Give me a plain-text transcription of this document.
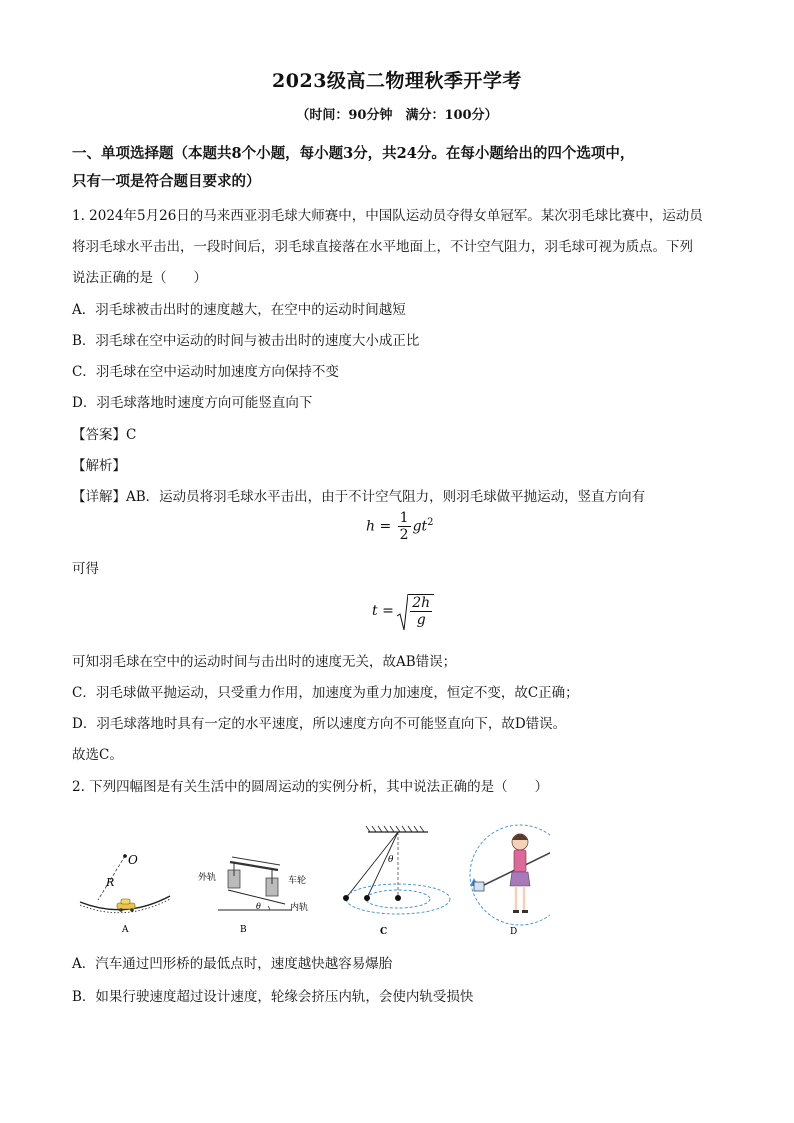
2023级高二物理秋季开学考
（时间：90分钟　满分：100分）
一、单项选择题（本题共8个小题，每小题3分，共24分。在每小题给出的四个选项中，
只有一项是符合题目要求的）
1. 2024年5月26日的马来西亚羽毛球大师赛中，中国队运动员夺得女单冠军。某次羽毛球比赛中，运动员
将羽毛球水平击出，一段时间后，羽毛球直接落在水平地面上，不计空气阻力，羽毛球可视为质点。下列
说法正确的是（　　）
A．羽毛球被击出时的速度越大，在空中的运动时间越短
B．羽毛球在空中运动的时间与被击出时的速度大小成正比
C．羽毛球在空中运动时加速度方向保持不变
D．羽毛球落地时速度方向可能竖直向下
【答案】C
【解析】
【详解】AB．运动员将羽毛球水平击出，由于不计空气阻力，则羽毛球做平抛运动，竖直方向有
$h = \frac{1}{2} gt^2$
可得
$t = \frac{2h}{g}$
可知羽毛球在空中的运动时间与击出时的速度无关，故AB错误；
C．羽毛球做平抛运动，只受重力作用，加速度为重力加速度，恒定不变，故C正确；
D．羽毛球落地时具有一定的水平速度，所以速度方向不可能竖直向下，故D错误。
故选C。
2. 下列四幅图是有关生活中的圆周运动的实例分析，其中说法正确的是（　　）
O
R
A
外轨	车轮
内轨
θ
B
θ
C	D
A．汽车通过凹形桥的最低点时，速度越快越容易爆胎
B．如果行驶速度超过设计速度，轮缘会挤压内轨，会使内轨受损快
